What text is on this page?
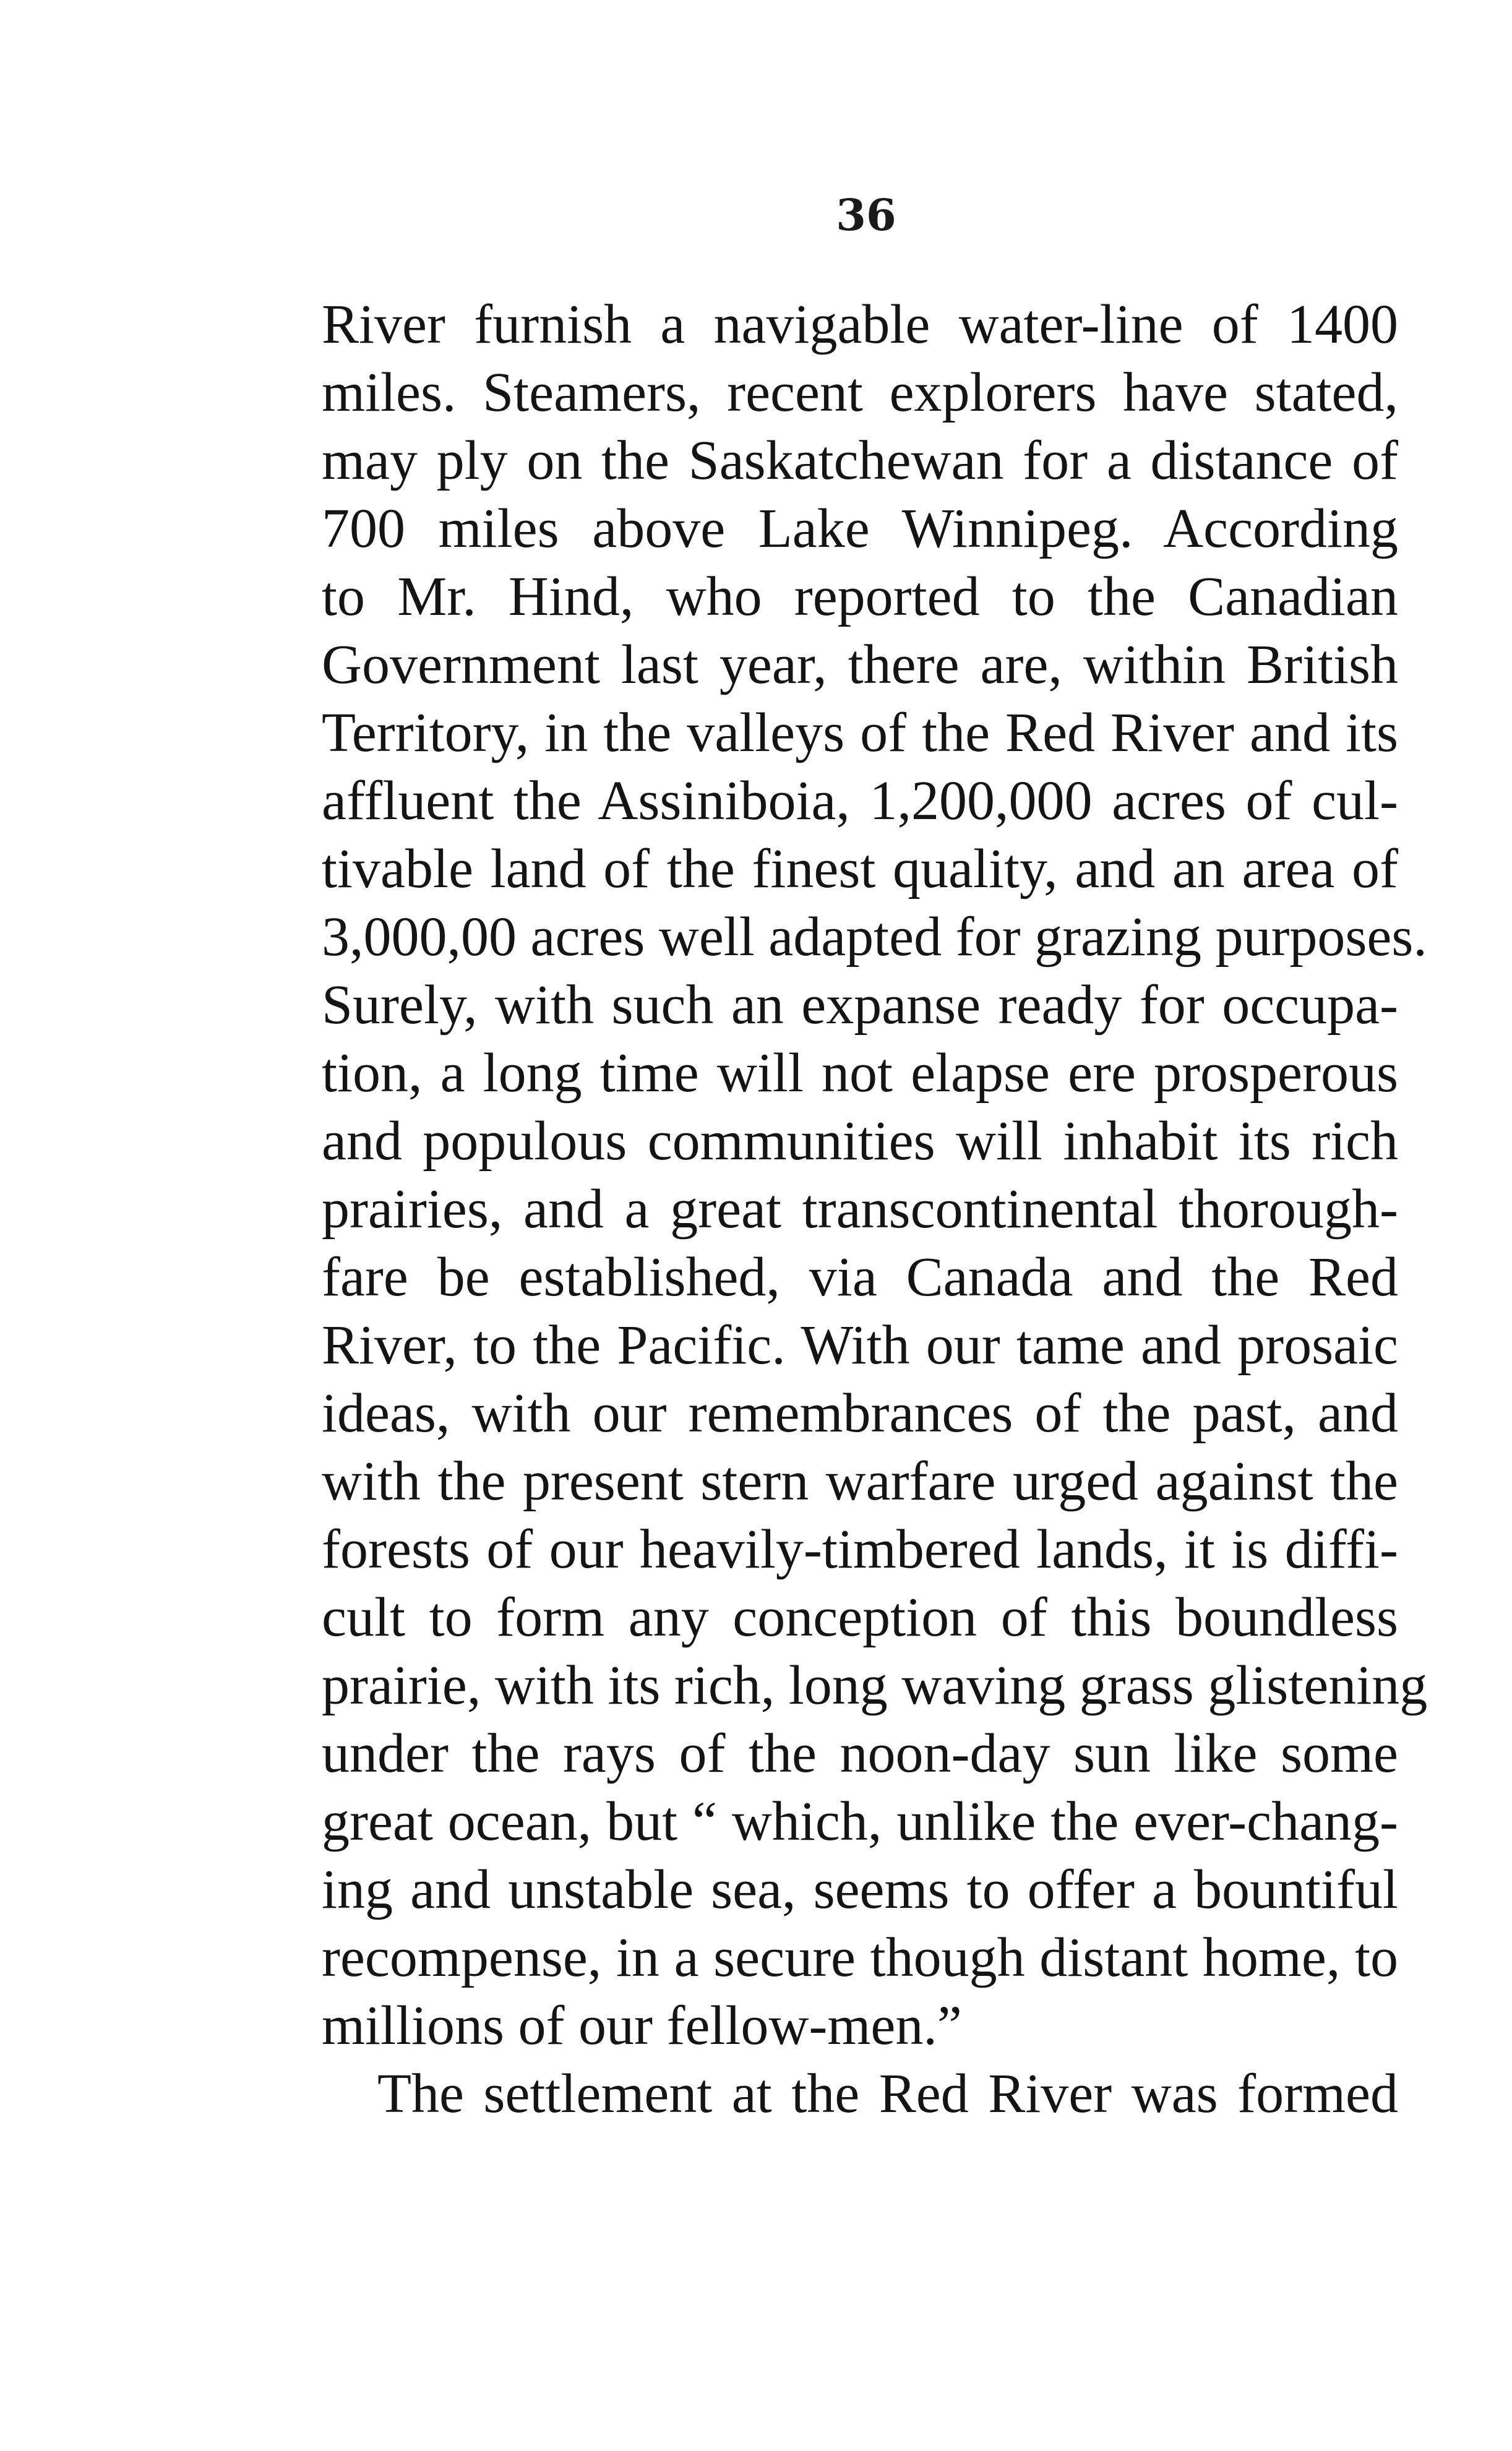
36
River furnish a navigable water-line of 1400
miles. Steamers, recent explorers have stated,
may ply on the Saskatchewan for a distance of
700 miles above Lake Winnipeg. According
to Mr. Hind, who reported to the Canadian
Government last year, there are, within British
Territory, in the valleys of the Red River and its
affluent the Assiniboia, 1,200,000 acres of cul-
tivable land of the finest quality, and an area of
3,000,00 acres well adapted for grazing purposes.
Surely, with such an expanse ready for occupa-
tion, a long time will not elapse ere prosperous
and populous communities will inhabit its rich
prairies, and a great transcontinental thorough-
fare be established, via Canada and the Red
River, to the Pacific. With our tame and prosaic
ideas, with our remembrances of the past, and
with the present stern warfare urged against the
forests of our heavily-timbered lands, it is diffi-
cult to form any conception of this boundless
prairie, with its rich, long waving grass glistening
under the rays of the noon-day sun like some
great ocean, but “ which, unlike the ever-chang-
ing and unstable sea, seems to offer a bountiful
recompense, in a secure though distant home, to
millions of our fellow-men.”
The settlement at the Red River was formed
